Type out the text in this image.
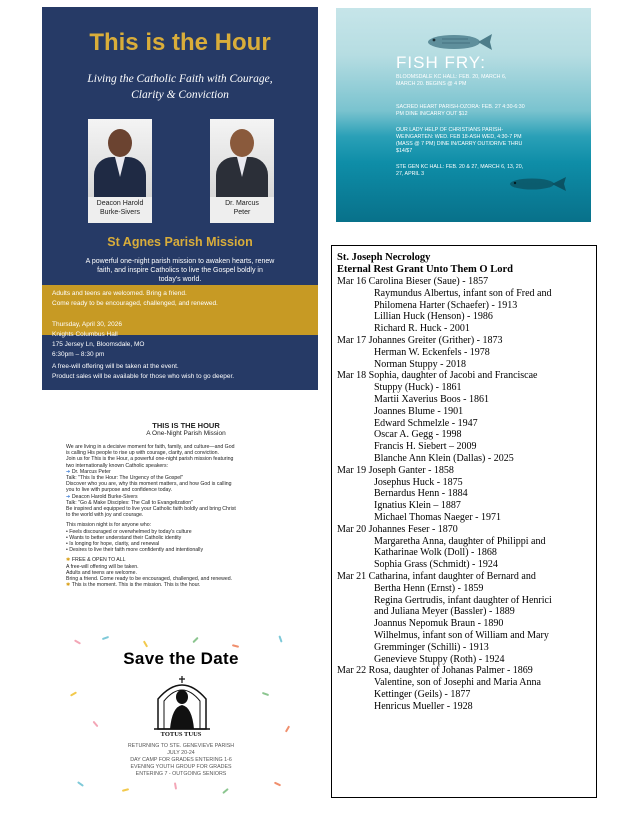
This is the Hour
Living the Catholic Faith with Courage,
Clarity & Conviction
Deacon Harold
Burke-Sivers
Dr. Marcus
Peter
St Agnes Parish Mission
A powerful one-night parish mission to awaken hearts, renew
faith, and inspire Catholics to live the Gospel boldly in
today's world.
Adults and teens are welcomed. Bring a friend.
Come ready to be encouraged, challenged, and renewed.
Thursday, April 30, 2026
Knights Columbus Hall
175 Jersey Ln, Bloomsdale, MO
6:30pm – 8:30 pm
A free-will offering will be taken at the event.
Product sales will be available for those who wish to go deeper.
FISH FRY:
BLOOMSDALE KC HALL: FEB. 20, MARCH 6,
MARCH 20. BEGINS @ 4 PM
SACRED HEART PARISH-OZORA: FEB. 27 4:30-6:30
PM DINE IN/CARRY OUT $12
OUR LADY HELP OF CHRISTIANS PARISH-
WEINGARTEN: WED. FEB 18-ASH WED, 4:30-7 PM
(MASS @ 7 PM) DINE IN/CARRY OUT/DRIVE THRU
$14/$7
STE GEN KC HALL: FEB. 20 & 27, MARCH 6, 13, 20,
27, APRIL 3
St. Joseph Necrology
Eternal Rest Grant Unto Them O Lord
Mar 16 Carolina Bieser (Saue) - 1857
Raymundus Albertus, infant son of Fred and
Philomena Harter (Schaefer) - 1913
Lillian Huck (Henson) - 1986
Richard R. Huck - 2001
Mar 17 Johannes Greiter (Grither) - 1873
Herman W. Eckenfels - 1978
Norman Stuppy - 2018
Mar 18 Sophia, daughter of Jacobi and Franciscae
Stuppy (Huck) - 1861
Martii Xaverius Boos - 1861
Joannes Blume - 1901
Edward Schmelzle - 1947
Oscar A. Gegg - 1998
Francis H. Siebert – 2009
Blanche Ann Klein (Dallas) - 2025
Mar 19 Joseph Ganter - 1858
Josephus Huck - 1875
Bernardus Henn - 1884
Ignatius Klein – 1887
Michael Thomas Naeger - 1971
Mar 20 Johannes Feser - 1870
Margaretha Anna, daughter of Philippi and
Katharinae Wolk (Doll) - 1868
Sophia Grass (Schmidt) - 1924
Mar 21 Catharina, infant daughter of Bernard and
Bertha Henn (Ernst) - 1859
Regina Gertrudis, infant daughter of Henrici
and Juliana Meyer (Bassler) - 1889
Joannus Nepomuk Braun - 1890
Wilhelmus, infant son of William and Mary
Gremminger (Schilli) - 1913
Genevieve Stuppy (Roth) - 1924
Mar 22 Rosa, daughter of Johanas Palmer - 1869
Valentine, son of Josephi and Maria Anna
Kettinger (Geils) - 1877
Henricus Mueller - 1928
THIS IS THE HOUR
A One-Night Parish Mission
We are living in a decisive moment for faith, family, and culture—and God
is calling His people to rise up with courage, clarity, and conviction.
Join us for This is the Hour, a powerful one-night parish mission featuring
two internationally known Catholic speakers:
➔ Dr. Marcus Peter
Talk: "This Is the Hour: The Urgency of the Gospel"
Discover who you are, why this moment matters, and how God is calling
you to live with purpose and confidence today.
➔ Deacon Harold Burke-Sivers
Talk: "Go & Make Disciples: The Call to Evangelization"
Be inspired and equipped to live your Catholic faith boldly and bring Christ
to the world with joy and courage.
This mission night is for anyone who:
• Feels discouraged or overwhelmed by today's culture
• Wants to better understand their Catholic identity
• Is longing for hope, clarity, and renewal
• Desires to live their faith more confidently and intentionally
✱ FREE & OPEN TO ALL
A free-will offering will be taken.
Adults and teens are welcome.
Bring a friend. Come ready to be encouraged, challenged, and renewed.
✱ This is the moment. This is the mission. This is the hour.
Save the Date
TOTUS TUUS
RETURNING TO STE. GENEVIEVE PARISH
JULY 20-24
DAY CAMP FOR GRADES ENTERING 1-6
EVENING YOUTH GROUP FOR GRADES
ENTERING 7 - OUTGOING SENIORS
